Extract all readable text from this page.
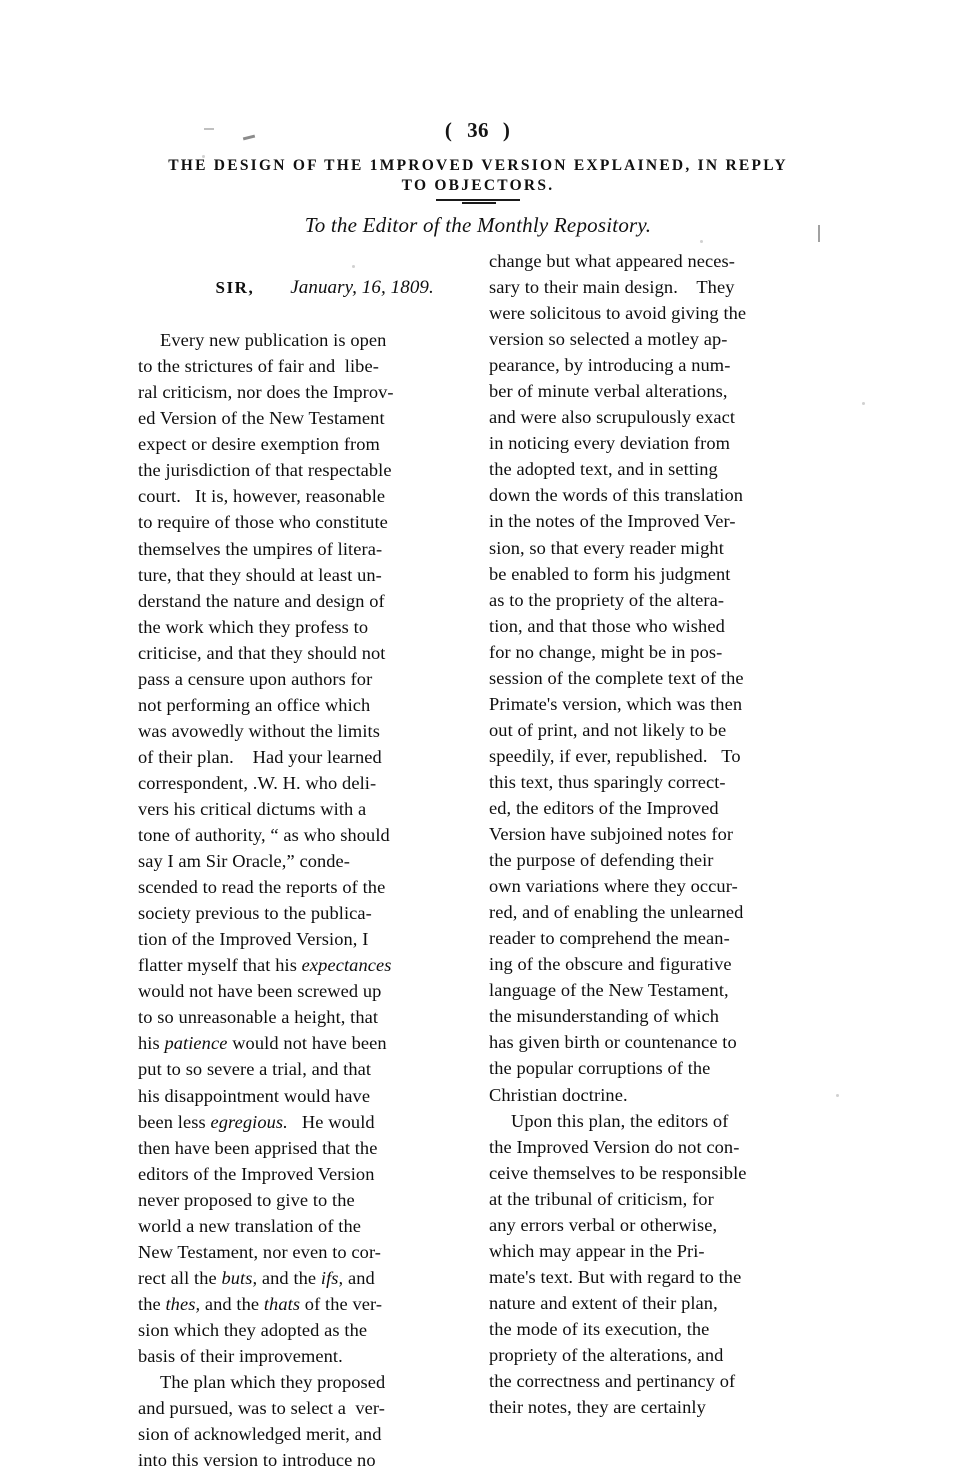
( 36 )
THE DESIGN OF THE 1MPROVED VERSION EXPLAINED, IN REPLY
TO OBJECTORS.
To the Editor of the Monthly Repository.

SIR, January, 16, 1809.

Every new publication is open
to the strictures of fair and libe-
ral criticism, nor does the Improv-
ed Version of the New Testament
expect or desire exemption from
the jurisdiction of that respectable
court. It is, however, reasonable
to require of those who constitute
themselves the umpires of litera-
ture, that they should at least un-
derstand the nature and design of
the work which they profess to
criticise, and that they should not
pass a censure upon authors for
not performing an office which
was avowedly without the limits
of their plan. Had your learned
correspondent, .W. H. who deli-
vers his critical dictums with a
tone of authority, “ as who should
say I am Sir Oracle,” conde-
scended to read the reports of the
society previous to the publica-
tion of the Improved Version, I
flatter myself that his expectances
would not have been screwed up
to so unreasonable a height, that
his patience would not have been
put to so severe a trial, and that
his disappointment would have
been less egregious. He would
then have been apprised that the
editors of the Improved Version
never proposed to give to the
world a new translation of the
New Testament, nor even to cor-
rect all the buts, and the ifs, and
the thes, and the thats of the ver-
sion which they adopted as the
basis of their improvement.
The plan which they proposed
and pursued, was to select a ver-
sion of acknowledged merit, and
into this version to introduce no
change but what appeared neces-
sary to their main design. They
were solicitous to avoid giving the
version so selected a motley ap-
pearance, by introducing a num-
ber of minute verbal alterations,
and were also scrupulously exact
in noticing every deviation from
the adopted text, and in setting
down the words of this translation
in the notes of the Improved Ver-
sion, so that every reader might
be enabled to form his judgment
as to the propriety of the altera-
tion, and that those who wished
for no change, might be in pos-
session of the complete text of the
Primate's version, which was then
out of print, and not likely to be
speedily, if ever, republished. To
this text, thus sparingly correct-
ed, the editors of the Improved
Version have subjoined notes for
the purpose of defending their
own variations where they occur-
red, and of enabling the unlearned
reader to comprehend the mean-
ing of the obscure and figurative
language of the New Testament,
the misunderstanding of which
has given birth or countenance to
the popular corruptions of the
Christian doctrine.
Upon this plan, the editors of
the Improved Version do not con-
ceive themselves to be responsible
at the tribunal of criticism, for
any errors verbal or otherwise,
which may appear in the Pri-
mate's text. But with regard to the
nature and extent of their plan,
the mode of its execution, the
propriety of the alterations, and
the correctness and pertinancy of
their notes, they are certainly
